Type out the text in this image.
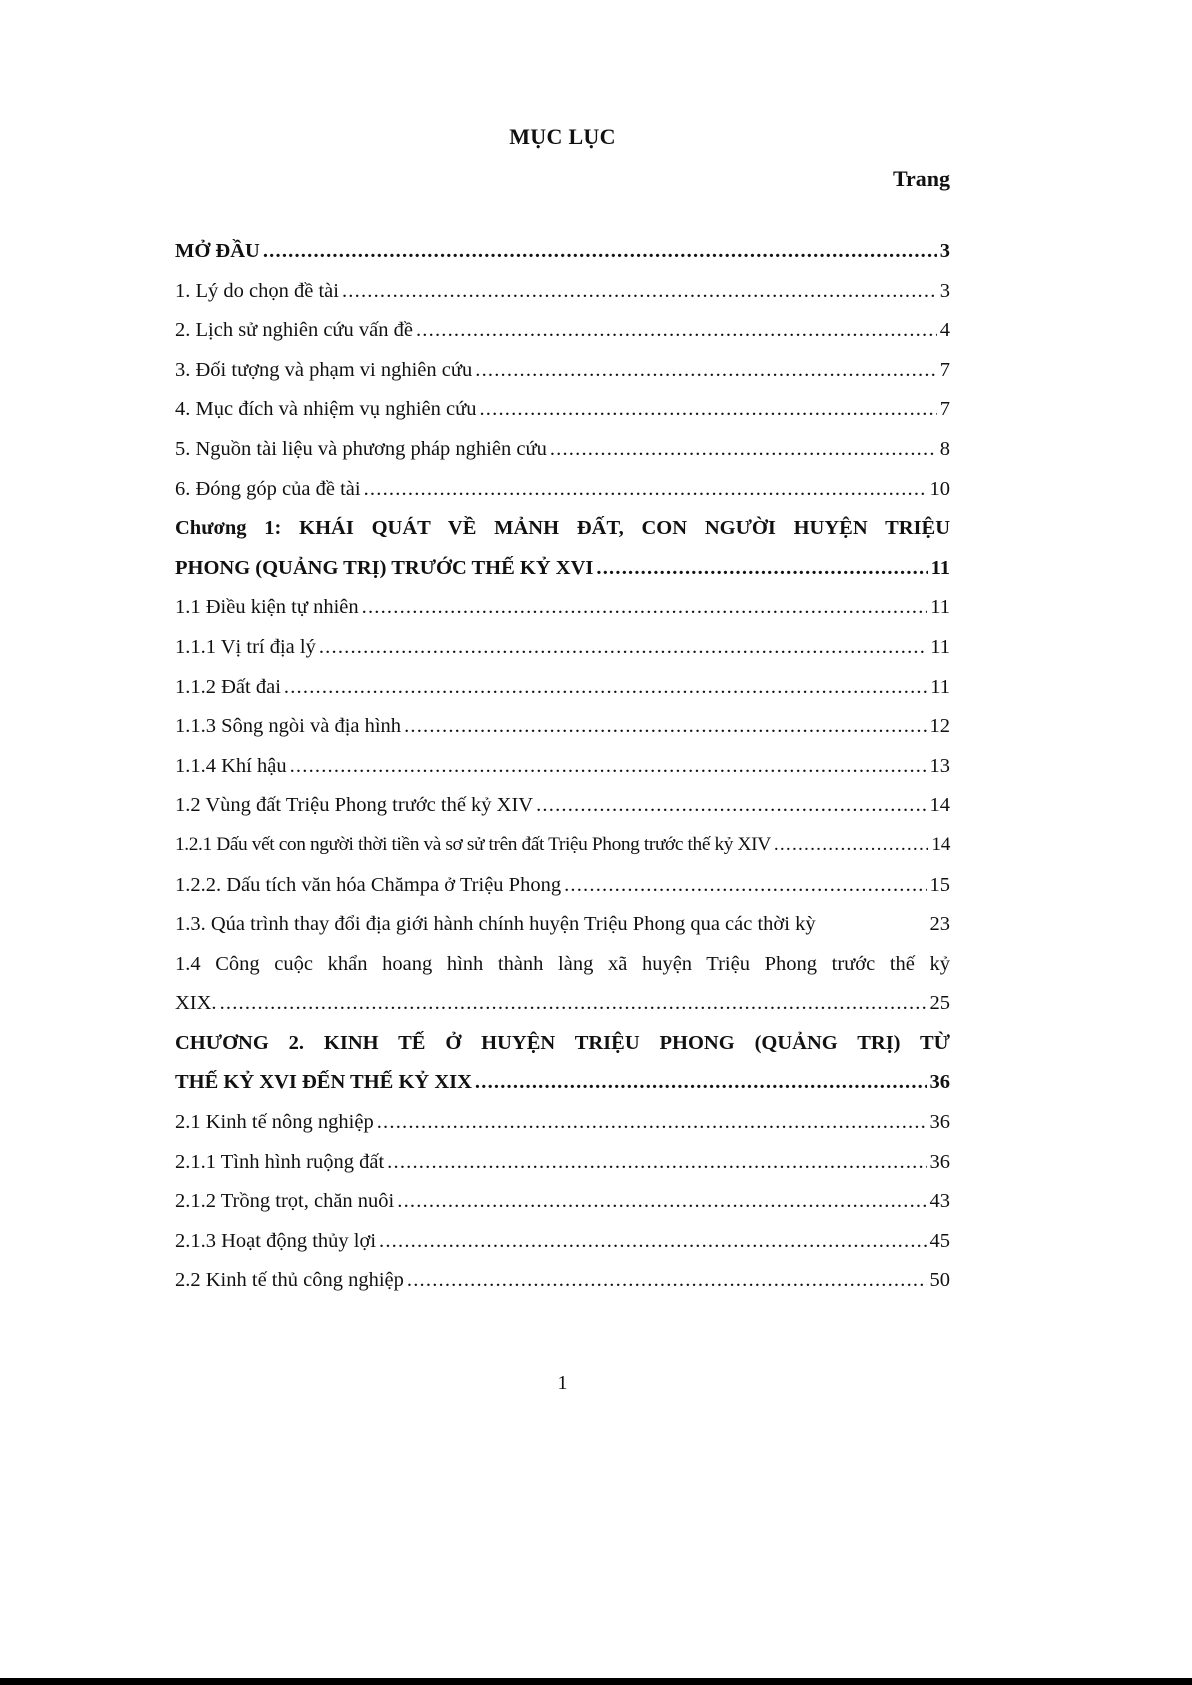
MỤC LỤC
Trang
MỞ ĐẦU .....	3
1. Lý do chọn đề tài .....	3
2. Lịch sử nghiên cứu vấn đề .....	4
3. Đối tượng và phạm vi nghiên cứu .....	7
4. Mục đích và nhiệm vụ nghiên cứu .....	7
5. Nguồn tài liệu và phương pháp nghiên cứu .....	8
6. Đóng góp của đề tài .....	10
Chương 1: KHÁI QUÁT VỀ MẢNH ĐẤT, CON NGƯỜI HUYỆN TRIỆU
PHONG (QUẢNG TRỊ) TRƯỚC THẾ KỶ XVI .....	11
1.1 Điều kiện tự nhiên .....	11
1.1.1 Vị trí địa lý .....	11
1.1.2 Đất đai .....	11
1.1.3 Sông ngòi và địa hình .....	12
1.1.4 Khí hậu .....	13
1.2 Vùng đất Triệu Phong trước thế kỷ XIV .....	14
1.2.1 Dấu vết con người thời tiền và sơ sử trên đất Triệu Phong trước thế kỷ XIV .....	14
1.2.2. Dấu tích văn hóa Chămpa ở Triệu Phong .....	15
1.3. Qúa trình thay đổi địa giới hành chính huyện Triệu Phong qua các thời kỳ	23
1.4 Công cuộc khẩn hoang hình thành làng xã huyện Triệu Phong trước thế kỷ
XIX. .....	25
CHƯƠNG 2. KINH TẾ Ở HUYỆN TRIỆU PHONG (QUẢNG TRỊ) TỪ
THẾ KỶ XVI ĐẾN THẾ KỶ XIX .....	36
2.1 Kinh tế nông nghiệp .....	36
2.1.1 Tình hình ruộng đất .....	36
2.1.2 Trồng trọt, chăn nuôi .....	43
2.1.3 Hoạt động thủy lợi .....	45
2.2 Kinh tế thủ công nghiệp .....	50
1
